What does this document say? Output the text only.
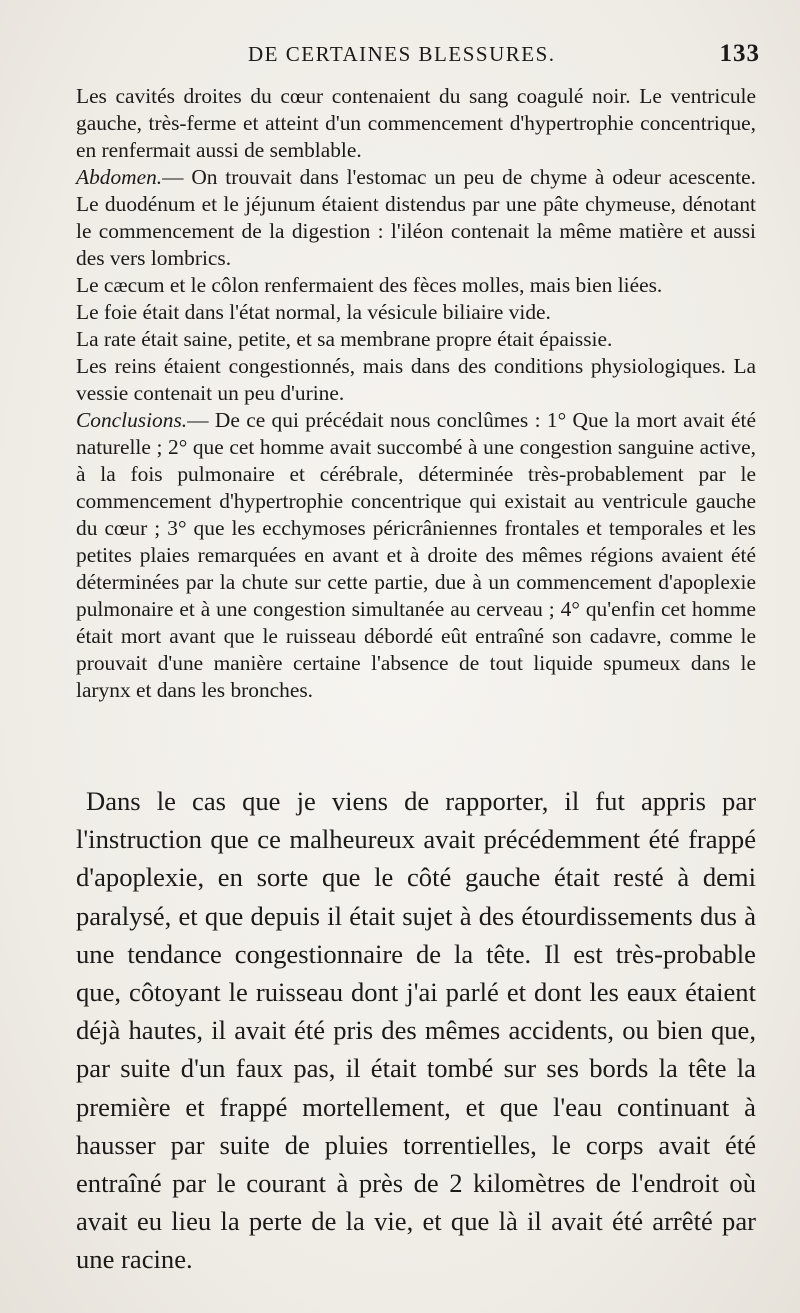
DE CERTAINES BLESSURES.	133

Les cavités droites du cœur contenaient du sang coagulé noir. Le ventricule gauche, très-ferme et atteint d'un commencement d'hypertrophie concentrique, en renfermait aussi de semblable.

Abdomen.— On trouvait dans l'estomac un peu de chyme à odeur acescente. Le duodénum et le jéjunum étaient distendus par une pâte chymeuse, dénotant le commencement de la digestion : l'iléon contenait la même matière et aussi des vers lombrics.

Le cæcum et le côlon renfermaient des fèces molles, mais bien liées.

Le foie était dans l'état normal, la vésicule biliaire vide.

La rate était saine, petite, et sa membrane propre était épaissie.

Les reins étaient congestionnés, mais dans des conditions physiologiques. La vessie contenait un peu d'urine.

Conclusions.— De ce qui précédait nous conclûmes : 1° Que la mort avait été naturelle ; 2° que cet homme avait succombé à une congestion sanguine active, à la fois pulmonaire et cérébrale, déterminée très-probablement par le commencement d'hypertrophie concentrique qui existait au ventricule gauche du cœur ; 3° que les ecchymoses péricrâniennes frontales et temporales et les petites plaies remarquées en avant et à droite des mêmes régions avaient été déterminées par la chute sur cette partie, due à un commencement d'apoplexie pulmonaire et à une congestion simultanée au cerveau ; 4° qu'enfin cet homme était mort avant que le ruisseau débordé eût entraîné son cadavre, comme le prouvait d'une manière certaine l'absence de tout liquide spumeux dans le larynx et dans les bronches.

Dans le cas que je viens de rapporter, il fut appris par l'instruction que ce malheureux avait précédemment été frappé d'apoplexie, en sorte que le côté gauche était resté à demi paralysé, et que depuis il était sujet à des étourdissements dus à une tendance congestionnaire de la tête. Il est très-probable que, côtoyant le ruisseau dont j'ai parlé et dont les eaux étaient déjà hautes, il avait été pris des mêmes accidents, ou bien que, par suite d'un faux pas, il était tombé sur ses bords la tête la première et frappé mortellement, et que l'eau continuant à hausser par suite de pluies torrentielles, le corps avait été entraîné par le courant à près de 2 kilomètres de l'endroit où avait eu lieu la perte de la vie, et que là il avait été arrêté par une racine.
